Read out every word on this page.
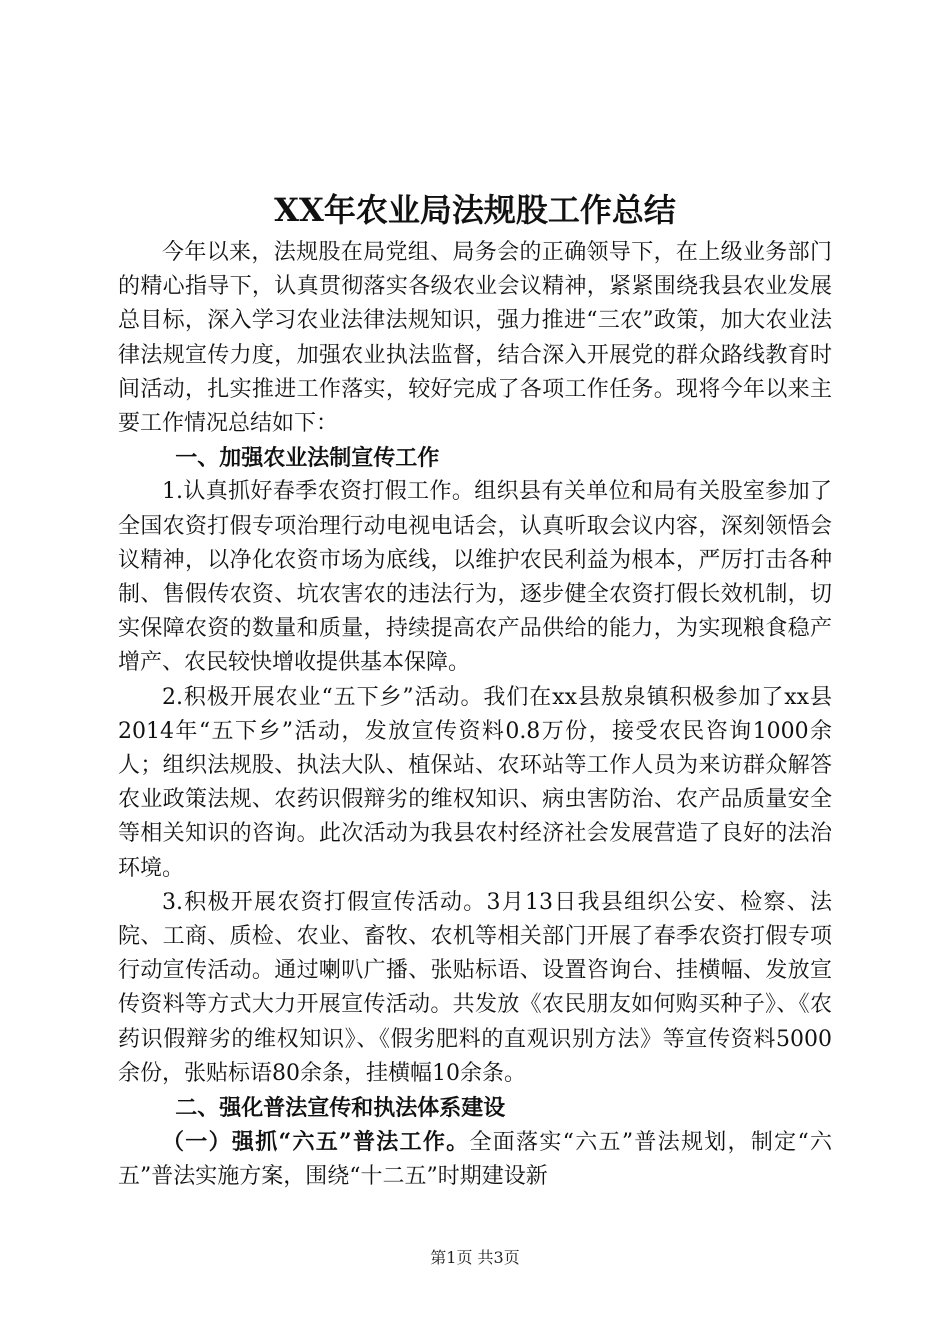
XX年农业局法规股工作总结

今年以来，法规股在局党组、局务会的正确领导下，在上级业务部门的精心指导下，认真贯彻落实各级农业会议精神，紧紧围绕我县农业发展总目标，深入学习农业法律法规知识，强力推进“三农”政策，加大农业法律法规宣传力度，加强农业执法监督，结合深入开展党的群众路线教育时间活动，扎实推进工作落实，较好完成了各项工作任务。现将今年以来主要工作情况总结如下：

一、加强农业法制宣传工作

1.认真抓好春季农资打假工作。组织县有关单位和局有关股室参加了全国农资打假专项治理行动电视电话会，认真听取会议内容，深刻领悟会议精神，以净化农资市场为底线，以维护农民利益为根本，严厉打击各种制、售假传农资、坑农害农的违法行为，逐步健全农资打假长效机制，切实保障农资的数量和质量，持续提高农产品供给的能力，为实现粮食稳产增产、农民较快增收提供基本保障。

2.积极开展农业“五下乡”活动。我们在xx县敖泉镇积极参加了xx县2014年“五下乡”活动，发放宣传资料0.8万份，接受农民咨询1000余人；组织法规股、执法大队、植保站、农环站等工作人员为来访群众解答农业政策法规、农药识假辩劣的维权知识、病虫害防治、农产品质量安全等相关知识的咨询。此次活动为我县农村经济社会发展营造了良好的法治环境。

3.积极开展农资打假宣传活动。3月13日我县组织公安、检察、法院、工商、质检、农业、畜牧、农机等相关部门开展了春季农资打假专项行动宣传活动。通过喇叭广播、张贴标语、设置咨询台、挂横幅、发放宣传资料等方式大力开展宣传活动。共发放《农民朋友如何购买种子》、《农药识假辩劣的维权知识》、《假劣肥料的直观识别方法》等宣传资料5000余份，张贴标语80余条，挂横幅10余条。

二、强化普法宣传和执法体系建设

（一）强抓“六五”普法工作。全面落实“六五”普法规划，制定“六五”普法实施方案，围绕“十二五”时期建设新

第1页 共3页
